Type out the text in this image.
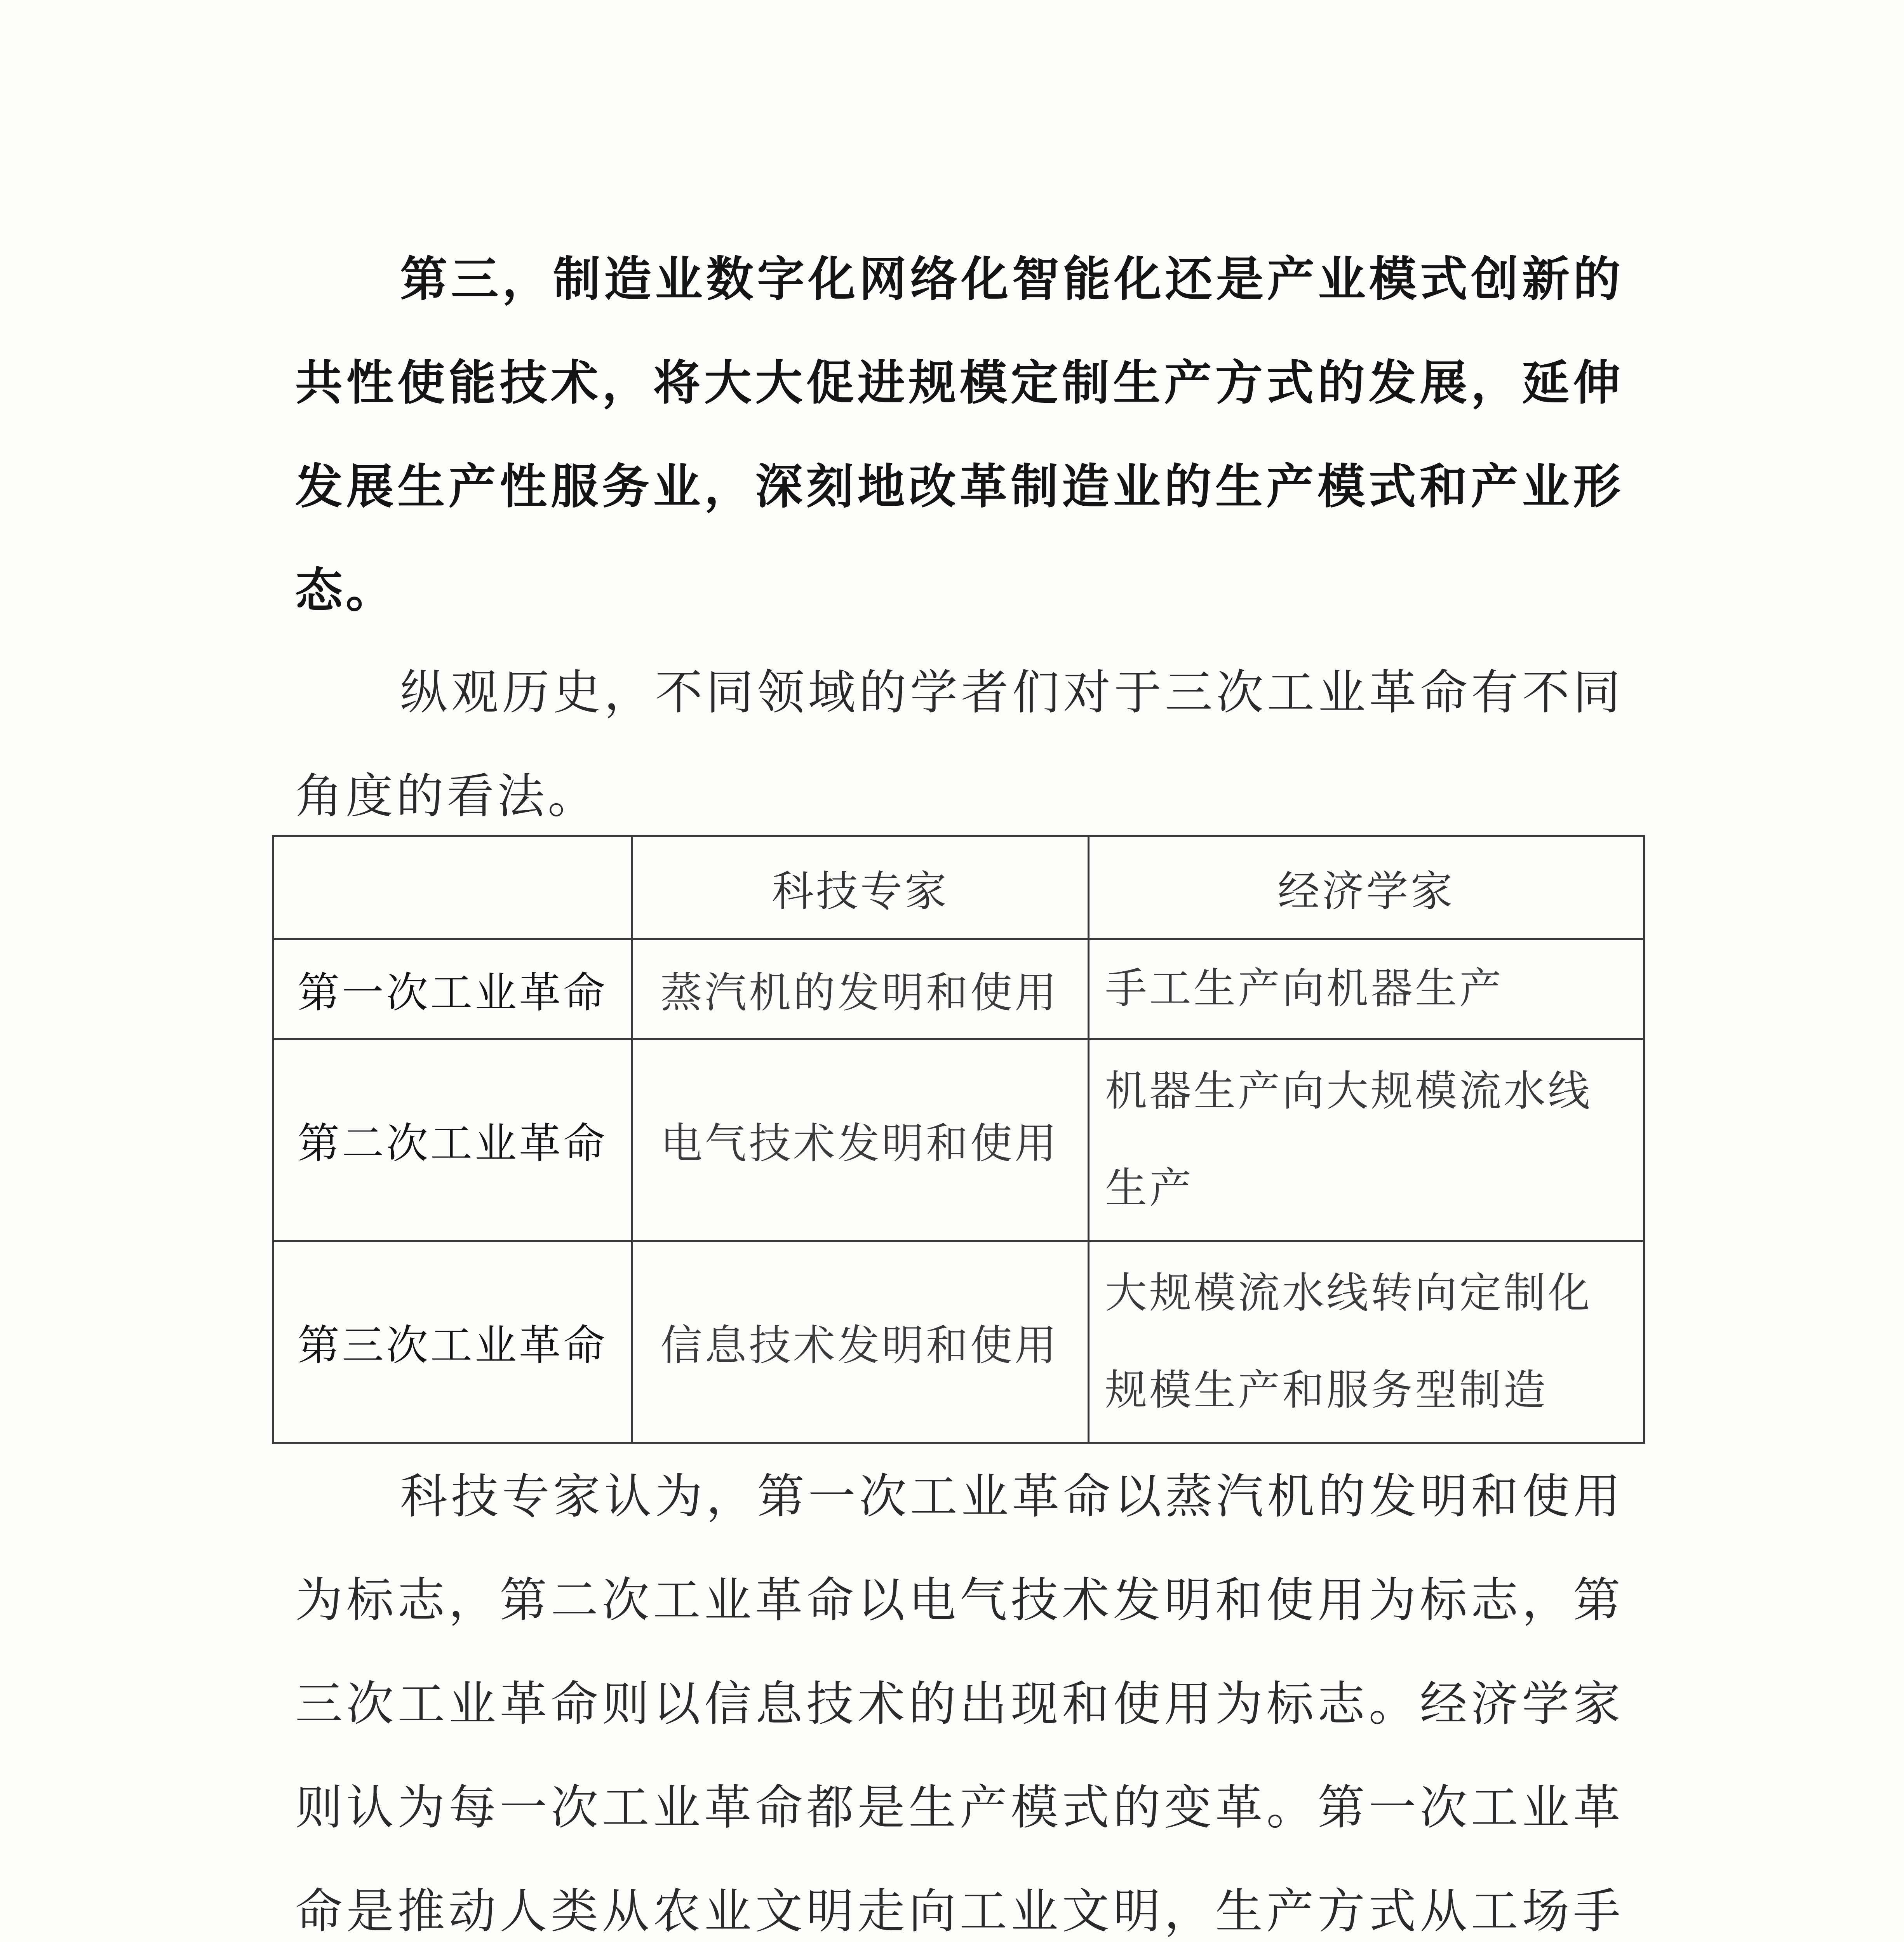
第三，制造业数字化网络化智能化还是产业模式创新的共性使能技术，将大大促进规模定制生产方式的发展，延伸发展生产性服务业，深刻地改革制造业的生产模式和产业形态。

纵观历史，不同领域的学者们对于三次工业革命有不同角度的看法。

	科技专家	经济学家
第一次工业革命	蒸汽机的发明和使用	手工生产向机器生产
第二次工业革命	电气技术发明和使用	机器生产向大规模流水线生产
第三次工业革命	信息技术发明和使用	大规模流水线转向定制化规模生产和服务型制造

科技专家认为，第一次工业革命以蒸汽机的发明和使用为标志，第二次工业革命以电气技术发明和使用为标志，第三次工业革命则以信息技术的出现和使用为标志。经济学家则认为每一次工业革命都是生产模式的变革。第一次工业革命是推动人类从农业文明走向工业文明，生产方式从工场手
